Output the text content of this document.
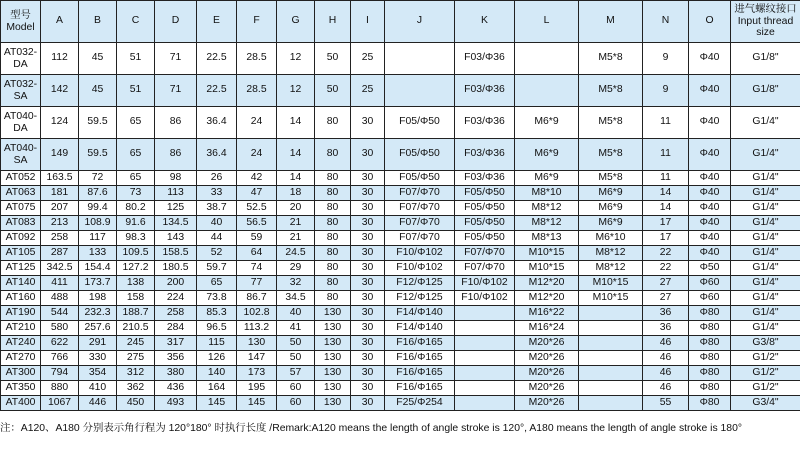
型号
Model	A	B	C	D	E	F	G	H	I	J	K	L	M	N	O	进气螺纹接口
Input thread size
AT032-
DA	112	45	51	71	22.5	28.5	12	50	25		F03/Φ36		M5*8	9	Φ40	G1/8"
AT032-
SA	142	45	51	71	22.5	28.5	12	50	25		F03/Φ36		M5*8	9	Φ40	G1/8"
AT040-
DA	124	59.5	65	86	36.4	24	14	80	30	F05/Φ50	F03/Φ36	M6*9	M5*8	11	Φ40	G1/4"
AT040-
SA	149	59.5	65	86	36.4	24	14	80	30	F05/Φ50	F03/Φ36	M6*9	M5*8	11	Φ40	G1/4"
AT052	163.5	72	65	98	26	42	14	80	30	F05/Φ50	F03/Φ36	M6*9	M5*8	11	Φ40	G1/4"
AT063	181	87.6	73	113	33	47	18	80	30	F07/Φ70	F05/Φ50	M8*10	M6*9	14	Φ40	G1/4"
AT075	207	99.4	80.2	125	38.7	52.5	20	80	30	F07/Φ70	F05/Φ50	M8*12	M6*9	14	Φ40	G1/4"
AT083	213	108.9	91.6	134.5	40	56.5	21	80	30	F07/Φ70	F05/Φ50	M8*12	M6*9	17	Φ40	G1/4"
AT092	258	117	98.3	143	44	59	21	80	30	F07/Φ70	F05/Φ50	M8*13	M6*10	17	Φ40	G1/4"
AT105	287	133	109.5	158.5	52	64	24.5	80	30	F10/Φ102	F07/Φ70	M10*15	M8*12	22	Φ40	G1/4"
AT125	342.5	154.4	127.2	180.5	59.7	74	29	80	30	F10/Φ102	F07/Φ70	M10*15	M8*12	22	Φ50	G1/4"
AT140	411	173.7	138	200	65	77	32	80	30	F12/Φ125	F10/Φ102	M12*20	M10*15	27	Φ60	G1/4"
AT160	488	198	158	224	73.8	86.7	34.5	80	30	F12/Φ125	F10/Φ102	M12*20	M10*15	27	Φ60	G1/4"
AT190	544	232.3	188.7	258	85.3	102.8	40	130	30	F14/Φ140		M16*22		36	Φ80	G1/4"
AT210	580	257.6	210.5	284	96.5	113.2	41	130	30	F14/Φ140		M16*24		36	Φ80	G1/4"
AT240	622	291	245	317	115	130	50	130	30	F16/Φ165		M20*26		46	Φ80	G3/8"
AT270	766	330	275	356	126	147	50	130	30	F16/Φ165		M20*26		46	Φ80	G1/2"
AT300	794	354	312	380	140	173	57	130	30	F16/Φ165		M20*26		46	Φ80	G1/2"
AT350	880	410	362	436	164	195	60	130	30	F16/Φ165		M20*26		46	Φ80	G1/2"
AT400	1067	446	450	493	145	145	60	130	30	F25/Φ254		M20*26		55	Φ80	G3/4"
注：A120、A180 分别表示角行程为 120°180° 时执行长度 /Remark:A120 means the length of angle stroke is 120°, A180 means the length of angle stroke is 180°
